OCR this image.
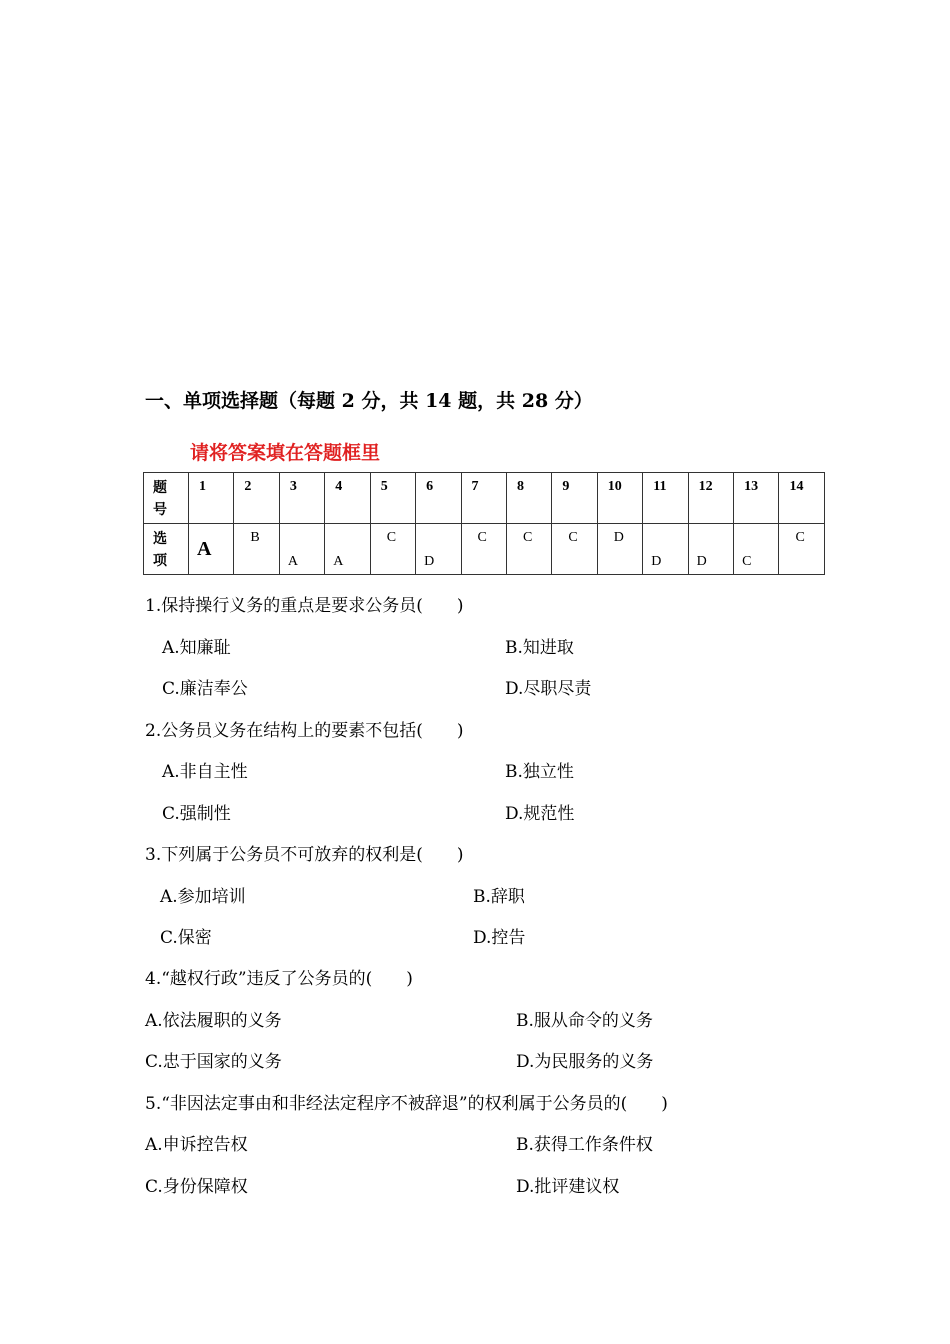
一、单项选择题（每题 2 分，共 14 题，共 28 分）
请将答案填在答题框里
题号	1	2	3	4	5	6	7	8	9	10	11	12	13	14

选项	A	B	A	A	C	D	C	C	C	D	D	D	C	C
1.保持操行义务的重点是要求公务员(　　)
A.知廉耻	B.知进取
C.廉洁奉公	D.尽职尽责
2.公务员义务在结构上的要素不包括(　　)
A.非自主性	B.独立性
C.强制性	D.规范性
3.下列属于公务员不可放弃的权利是(　　)
A.参加培训	B.辞职
C.保密	D.控告
4.“越权行政”违反了公务员的(　　)
A.依法履职的义务	B.服从命令的义务
C.忠于国家的义务	D.为民服务的义务
5.“非因法定事由和非经法定程序不被辞退”的权利属于公务员的(　　)
A.申诉控告权	B.获得工作条件权
C.身份保障权	D.批评建议权
